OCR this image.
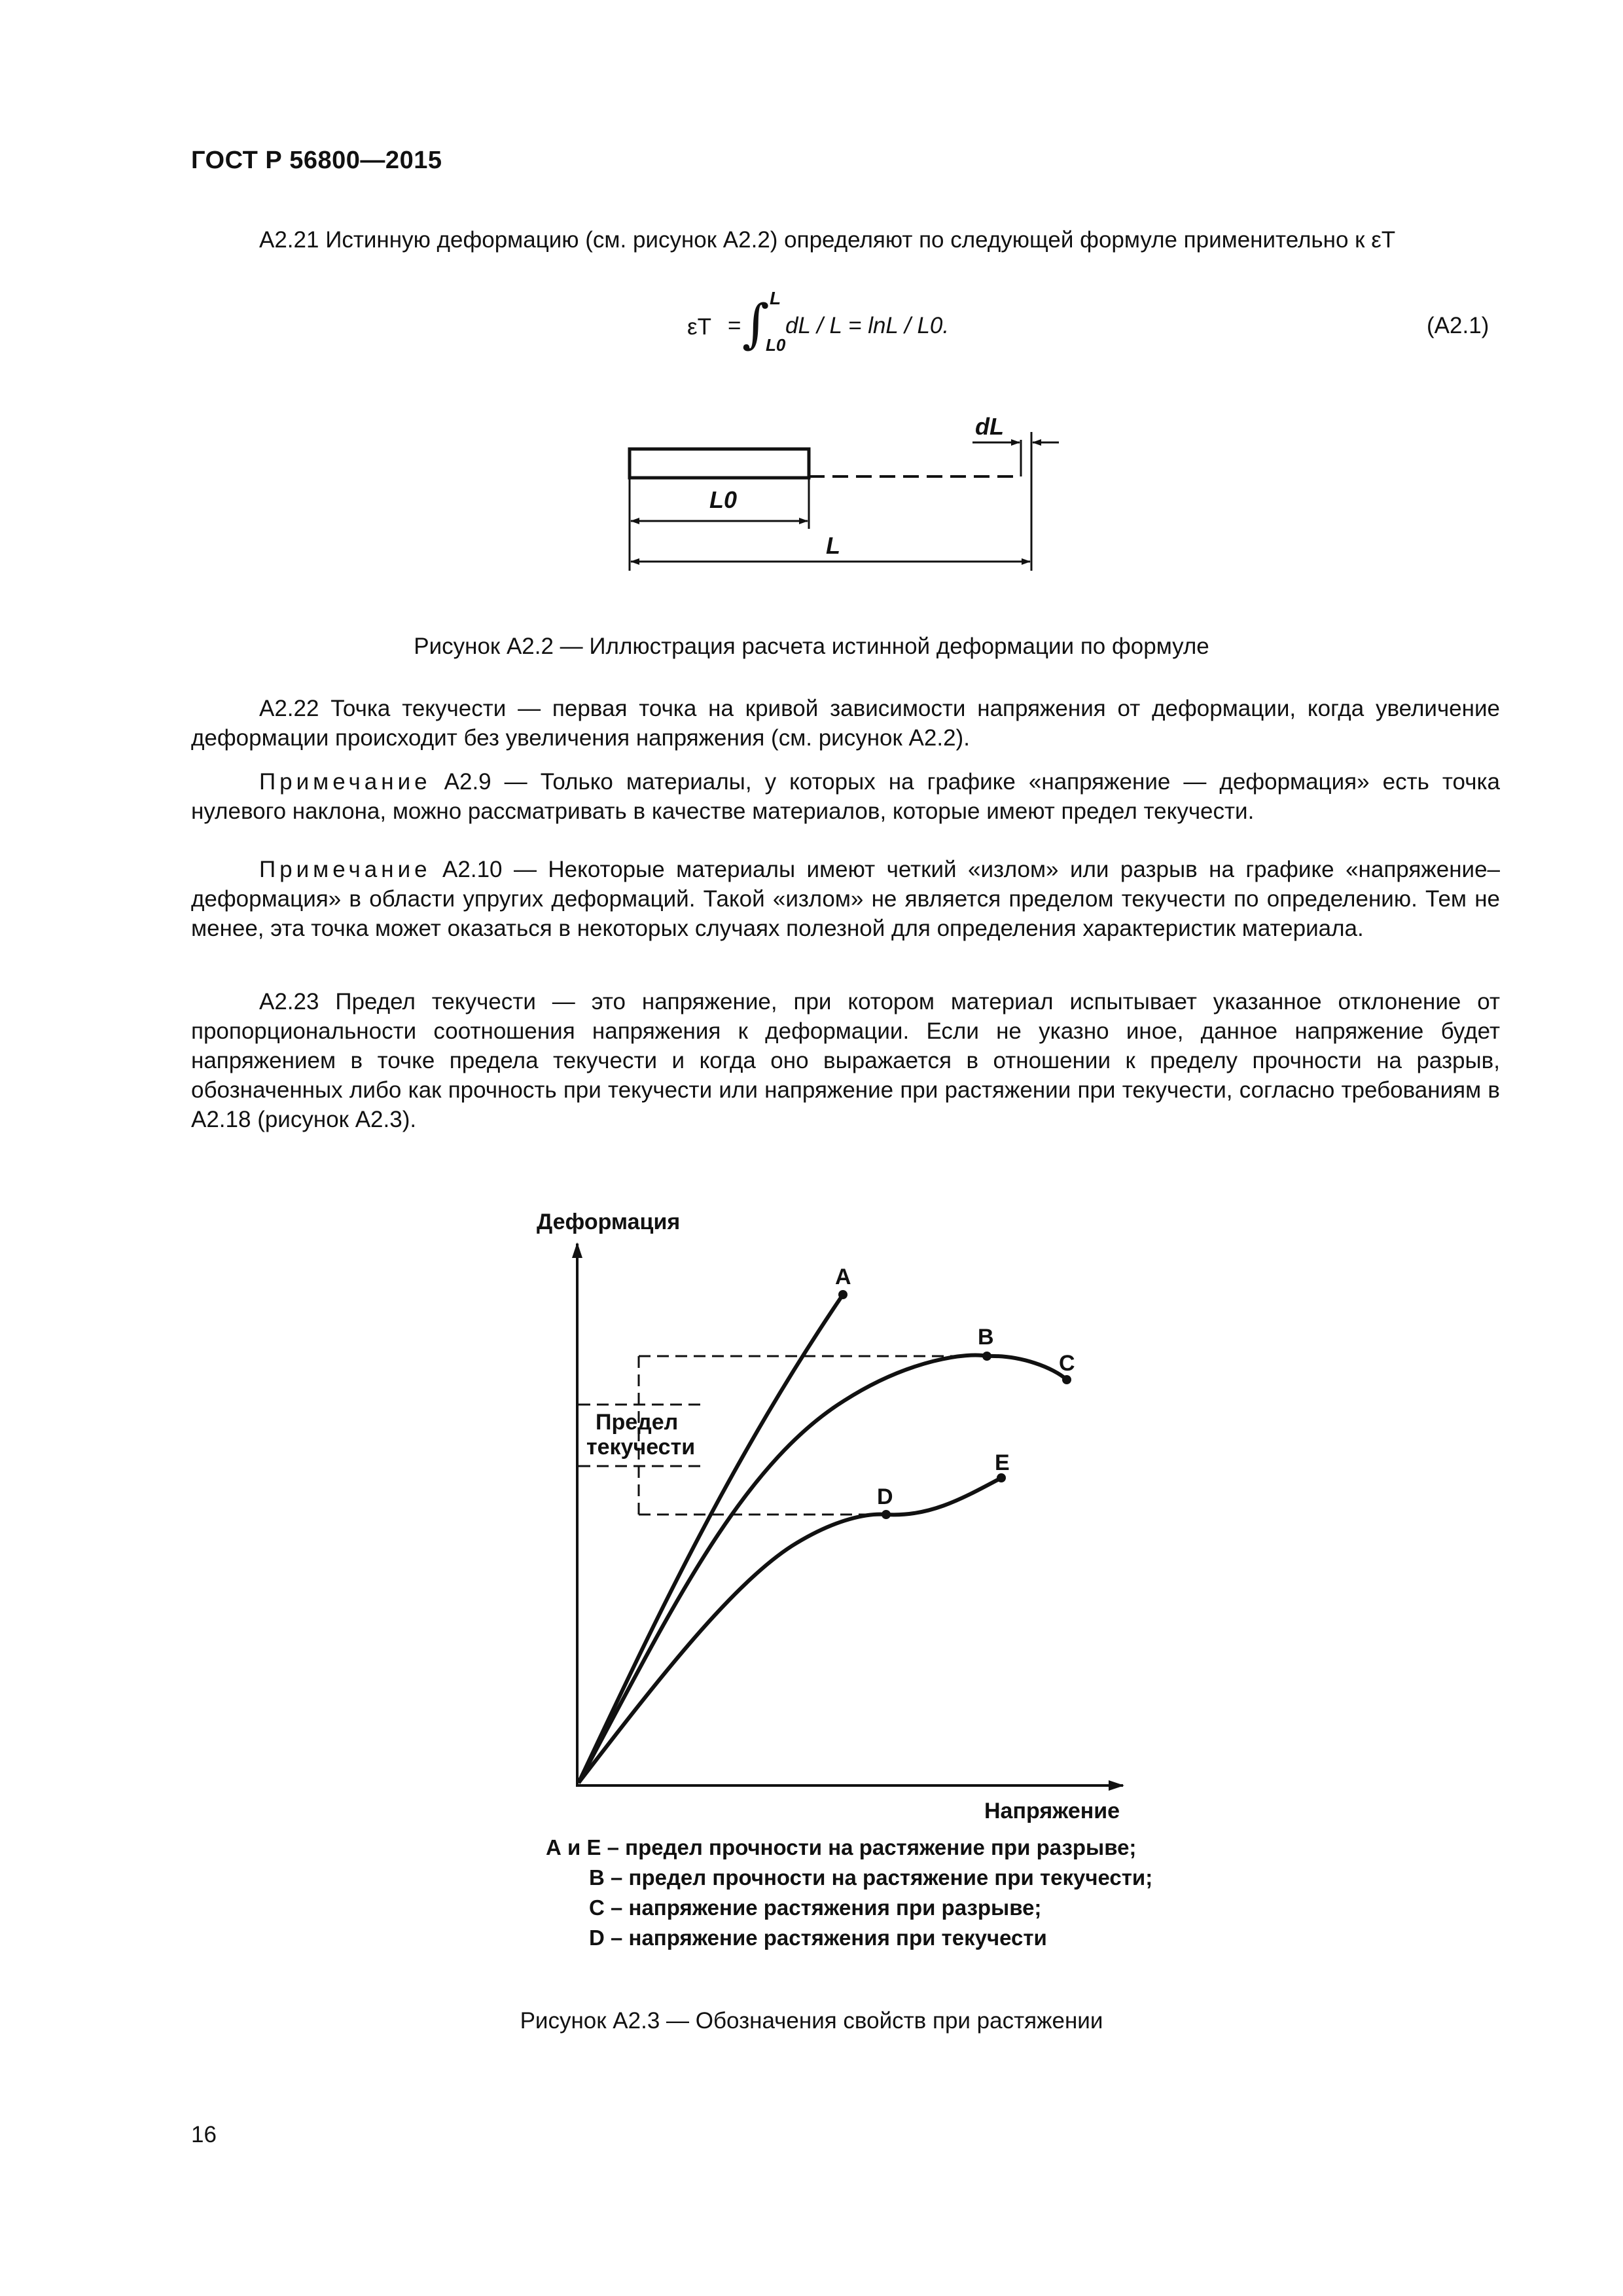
ГОСТ Р 56800—2015
A2.21 Истинную деформацию (см. рисунок А2.2) определяют по следующей формуле применительно к εT
εT = ∫ L
L0
dL / L = lnL / L0.	(A2.1)
dL
L0
L
Рисунок А2.2 — Иллюстрация расчета истинной деформации по формуле
A2.22 Точка текучести — первая точка на кривой зависимости напряжения от деформации, когда увеличение деформации происходит без увеличения напряжения (см. рисунок А2.2).
Примечание A2.9 — Только материалы, у которых на графике «напряжение — деформация» есть точка нулевого наклона, можно рассматривать в качестве материалов, которые имеют предел текучести.
Примечание A2.10 — Некоторые материалы имеют четкий «излом» или разрыв на графике «напряжение–деформация» в области упругих деформаций. Такой «излом» не является пределом текучести по определению. Тем не менее, эта точка может оказаться в некоторых случаях полезной для определения характеристик материала.
A2.23 Предел текучести — это напряжение, при котором материал испытывает указанное отклонение от пропорциональности соотношения напряжения к деформации. Если не указно иное, данное напряжение будет напряжением в точке предела текучести и когда оно выражается в отношении к пределу прочности на разрыв, обозначенных либо как прочность при текучести или напряжение при растяжении при текучести, согласно требованиям в A2.18 (рисунок А2.3).
Деформация
Напряжение
Предел
текучести
A
B
C
D
E
А и Е – предел прочности на растяжение при разрыве;
В – предел прочности на растяжение при текучести;
С – напряжение растяжения при разрыве;
D – напряжение растяжения при текучести
Рисунок А2.3 — Обозначения свойств при растяжении
16
